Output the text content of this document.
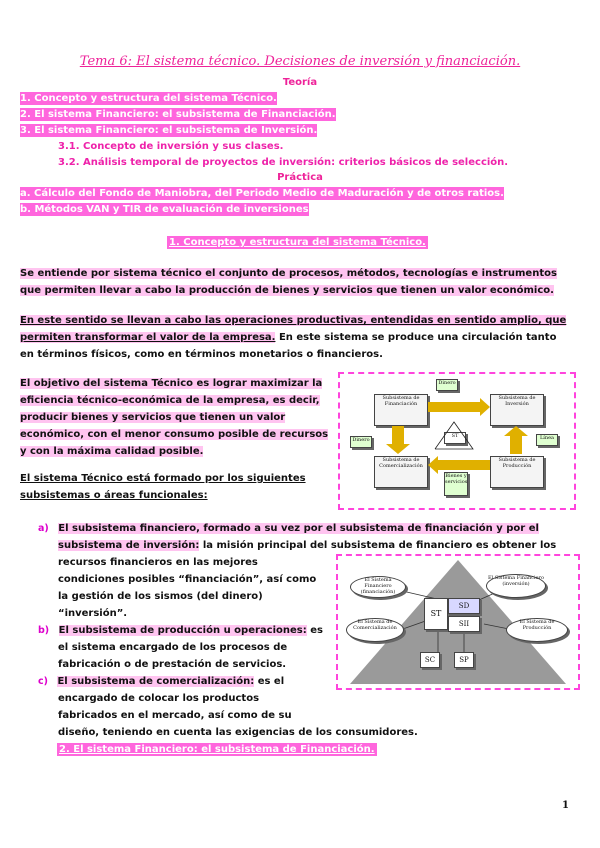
Tema 6: El sistema técnico. Decisiones de inversión y financiación.
Teoría
1. Concepto y estructura del sistema Técnico.
2. El sistema Financiero: el subsistema de Financiación.
3. El sistema Financiero: el subsistema de Inversión.
3.1. Concepto de inversión y sus clases.
3.2. Análisis temporal de proyectos de inversión: criterios básicos de selección.
Práctica
a. Cálculo del Fondo de Maniobra, del Periodo Medio de Maduración y de otros ratios.
b. Métodos VAN y TIR de evaluación de inversiones
1. Concepto y estructura del sistema Técnico.
Se entiende por sistema técnico el conjunto de procesos, métodos, tecnologías e instrumentos
que permiten llevar a cabo la producción de bienes y servicios que tienen un valor económico.
En este sentido se llevan a cabo las operaciones productivas, entendidas en sentido amplio, que
permiten transformar el valor de la empresa. En este sistema se produce una circulación tanto
en términos físicos, como en términos monetarios o financieros.
El objetivo del sistema Técnico es lograr maximizar la
eficiencia técnico-económica de la empresa, es decir,
producir bienes y servicios que tienen un valor
económico, con el menor consumo posible de recursos
y con la máxima calidad posible.
El sistema Técnico está formado por los siguientes
subsistemas o áreas funcionales:
Subsistema de Financiación
Subsistema de Inversión
Subsistema de Comercialización
Subsistema de Producción
Dinero
Dinero
Bienes y servicios
ST	Línea
a) El subsistema financiero, formado a su vez por el subsistema de financiación y por el
subsistema de inversión: la misión principal del subsistema de financiero es obtener los
recursos financieros en las mejores
condiciones posibles “financiación”, así como
la gestión de los sismos (del dinero)
“inversión”.
b) El subsistema de producción u operaciones: es
el sistema encargado de los procesos de
fabricación o de prestación de servicios.
c) El subsistema de comercialización: es el
encargado de colocar los productos
fabricados en el mercado, así como de su
diseño, teniendo en cuenta las exigencias de los consumidores.
El Sistema Financiero (financiación)
El Sistema Financiero (inversión)
El Sistema de Comercialización
El Sistema de Producción
ST
SD
SII
SC	SP
2. El sistema Financiero: el subsistema de Financiación.
1
